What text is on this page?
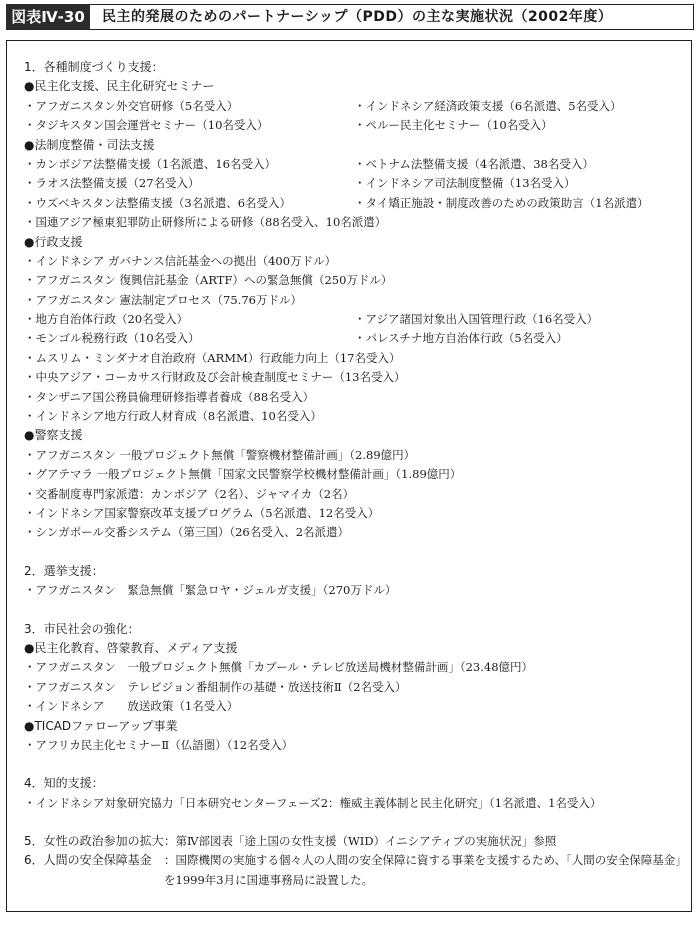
図表Ⅳ-30	民主的発展のためのパートナーシップ（PDD）の主な実施状況（2002年度）
1．各種制度づくり支援：
●民主化支援、民主化研究セミナー
・アフガニスタン外交官研修（5名受入）	・インドネシア経済政策支援（6名派遣、5名受入）
・タジキスタン国会運営セミナー（10名受入）	・ペルー民主化セミナー（10名受入）
●法制度整備・司法支援
・カンボジア法整備支援（1名派遣、16名受入）	・ベトナム法整備支援（4名派遣、38名受入）
・ラオス法整備支援（27名受入）	・インドネシア司法制度整備（13名受入）
・ウズベキスタン法整備支援（3名派遣、6名受入）	・タイ矯正施設・制度改善のための政策助言（1名派遣）
・国連アジア極東犯罪防止研修所による研修（88名受入、10名派遣）
●行政支援
・インドネシア ガバナンス信託基金への拠出（400万ドル）
・アフガニスタン 復興信託基金（ARTF）への緊急無償（250万ドル）
・アフガニスタン 憲法制定プロセス（75.76万ドル）
・地方自治体行政（20名受入）	・アジア諸国対象出入国管理行政（16名受入）
・モンゴル税務行政（10名受入）	・パレスチナ地方自治体行政（5名受入）
・ムスリム・ミンダナオ自治政府（ARMM）行政能力向上（17名受入）
・中央アジア・コーカサス行財政及び会計検査制度セミナー（13名受入）
・タンザニア国公務員倫理研修指導者養成（88名受入）
・インドネシア地方行政人材育成（8名派遣、10名受入）
●警察支援
・アフガニスタン 一般プロジェクト無償「警察機材整備計画」（2.89億円）
・グアテマラ 一般プロジェクト無償「国家文民警察学校機材整備計画」（1.89億円）
・交番制度専門家派遣：カンボジア（2名）、ジャマイカ（2名）
・インドネシア国家警察改革支援プログラム（5名派遣、12名受入）
・シンガポール交番システム（第三国）（26名受入、2名派遣）
2．選挙支援：
・アフガニスタン　緊急無償「緊急ロヤ・ジェルガ支援」（270万ドル）
3．市民社会の強化：
●民主化教育、啓蒙教育、メディア支援
・アフガニスタン　一般プロジェクト無償「カブール・テレビ放送局機材整備計画」（23.48億円）
・アフガニスタン　テレビジョン番組制作の基礎・放送技術Ⅱ（2名受入）
・インドネシア　　放送政策（1名受入）
●TICADファローアップ事業
・アフリカ民主化セミナーⅡ（仏語圏）（12名受入）
4．知的支援：
・インドネシア対象研究協力「日本研究センターフェーズ2：権威主義体制と民主化研究」（1名派遣、1名受入）
5．女性の政治参加の拡大 ：第Ⅳ部図表「途上国の女性支援（WID）イニシアティブの実施状況」参照
6．人間の安全保障基金 ：国際機関の実施する個々人の人間の安全保障に資する事業を支援するため、「人間の安全保障基金」
を1999年3月に国連事務局に設置した。
